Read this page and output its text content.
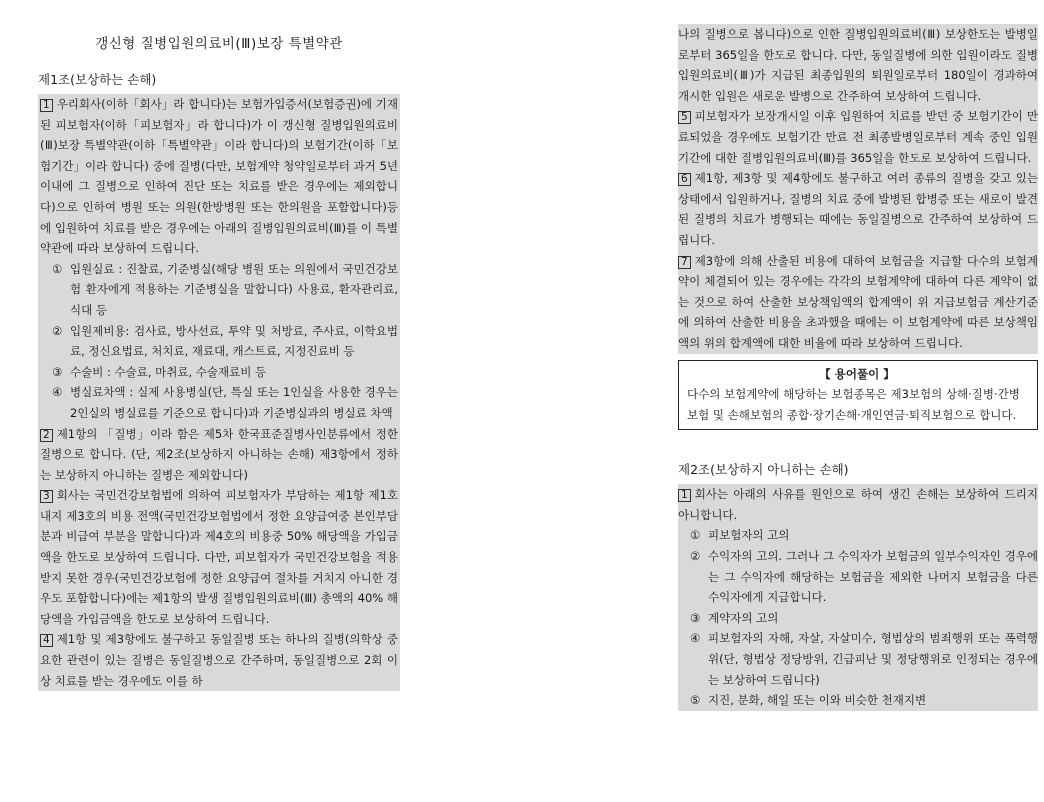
갱신형 질병입원의료비(Ⅲ)보장 특별약관
제1조(보상하는 손해)
1 우리회사(이하「회사」라 합니다)는 보험가입증서(보험증권)에 기재된 피보험자(이하「피보험자」라 합니다)가 이 갱신형 질병입원의료비(Ⅲ)보장 특별약관(이하「특별약관」이라 합니다)의 보험기간(이하「보험기간」이라 합니다) 중에 질병(다만, 보험계약 청약일로부터 과거 5년이내에 그 질병으로 인하여 진단 또는 치료를 받은 경우에는 제외합니다)으로 인하여 병원 또는 의원(한방병원 또는 한의원을 포함합니다)등에 입원하여 치료를 받은 경우에는 아래의 질병입원의료비(Ⅲ)를 이 특별약관에 따라 보상하여 드립니다.
① 입원실료 : 진찰료, 기준병실(해당 병원 또는 의원에서 국민건강보험 환자에게 적용하는 기준병실을 말합니다) 사용료, 환자관리료, 식대 등
② 입원제비용: 검사료, 방사선료, 투약 및 처방료, 주사료, 이학요법료, 정신요법료, 처치료, 재료대, 캐스트료, 지정진료비 등
③ 수술비 : 수술료, 마취료, 수술재료비 등
④ 병실료차액 : 실제 사용병실(단, 특실 또는 1인실을 사용한 경우는 2인실의 병실료를 기준으로 합니다)과 기준병실과의 병실료 차액
2 제1항의 「질병」이라 함은 제5차 한국표준질병사인분류에서 정한 질병으로 합니다. (단, 제2조(보상하지 아니하는 손해) 제3항에서 정하는 보상하지 아니하는 질병은 제외합니다)
3 회사는 국민건강보험법에 의하여 피보험자가 부담하는 제1항 제1호 내지 제3호의 비용 전액(국민건강보험법에서 정한 요양급여중 본인부담분과 비급여 부분을 말합니다)과 제4호의 비용중 50% 해당액을 가입금액을 한도로 보상하여 드립니다. 다만, 피보험자가 국민건강보험을 적용받지 못한 경우(국민건강보험에 정한 요양급여 절차를 거치지 아니한 경우도 포함합니다)에는 제1항의 발생 질병입원의료비(Ⅲ) 총액의 40% 해당액을 가입금액을 한도로 보상하여 드립니다.
4 제1항 및 제3항에도 불구하고 동일질병 또는 하나의 질병(의학상 중요한 관련이 있는 질병은 동일질병으로 간주하며, 동일질병으로 2회 이상 치료를 받는 경우에도 이를 하
나의 질병으로 봅니다)으로 인한 질병입원의료비(Ⅲ) 보상한도는 발병일로부터 365일을 한도로 합니다. 다만, 동일질병에 의한 입원이라도 질병입원의료비(Ⅲ)가 지급된 최종입원의 퇴원일로부터 180일이 경과하여 개시한 입원은 새로운 발병으로 간주하여 보상하여 드립니다.
5 피보험자가 보장개시일 이후 입원하여 치료를 받던 중 보험기간이 만료되었을 경우에도 보험기간 만료 전 최종발병일로부터 계속 중인 입원기간에 대한 질병입원의료비(Ⅲ)를 365일을 한도로 보상하여 드립니다.
6 제1항, 제3항 및 제4항에도 불구하고 여러 종류의 질병을 갖고 있는 상태에서 입원하거나, 질병의 치료 중에 발병된 합병증 또는 새로이 발견된 질병의 치료가 병행되는 때에는 동일질병으로 간주하여 보상하여 드립니다.
7 제3항에 의해 산출된 비용에 대하여 보험금을 지급할 다수의 보험계약이 체결되어 있는 경우에는 각각의 보험계약에 대하여 다른 계약이 없는 것으로 하여 산출한 보상책임액의 합계액이 위 지급보험금 계산기준에 의하여 산출한 비용을 초과했을 때에는 이 보험계약에 따른 보상책임액의 위의 합계액에 대한 비율에 따라 보상하여 드립니다.
【 용어풀이 】
다수의 보험계약에 해당하는 보험종목은 제3보험의 상해·질병·간병보험 및 손해보험의 종합·장기손해·개인연금·퇴직보험으로 합니다.
제2조(보상하지 아니하는 손해)
1 회사는 아래의 사유를 원인으로 하여 생긴 손해는 보상하여 드리지 아니합니다.
① 피보험자의 고의
② 수익자의 고의. 그러나 그 수익자가 보험금의 일부수익자인 경우에는 그 수익자에 해당하는 보험금을 제외한 나머지 보험금을 다른 수익자에게 지급합니다.
③ 계약자의 고의
④ 피보험자의 자해, 자살, 자살미수, 형법상의 범죄행위 또는 폭력행위(단, 형법상 정당방위, 긴급피난 및 정당행위로 인정되는 경우에는 보상하여 드립니다)
⑤ 지진, 분화, 해일 또는 이와 비슷한 천재지변
